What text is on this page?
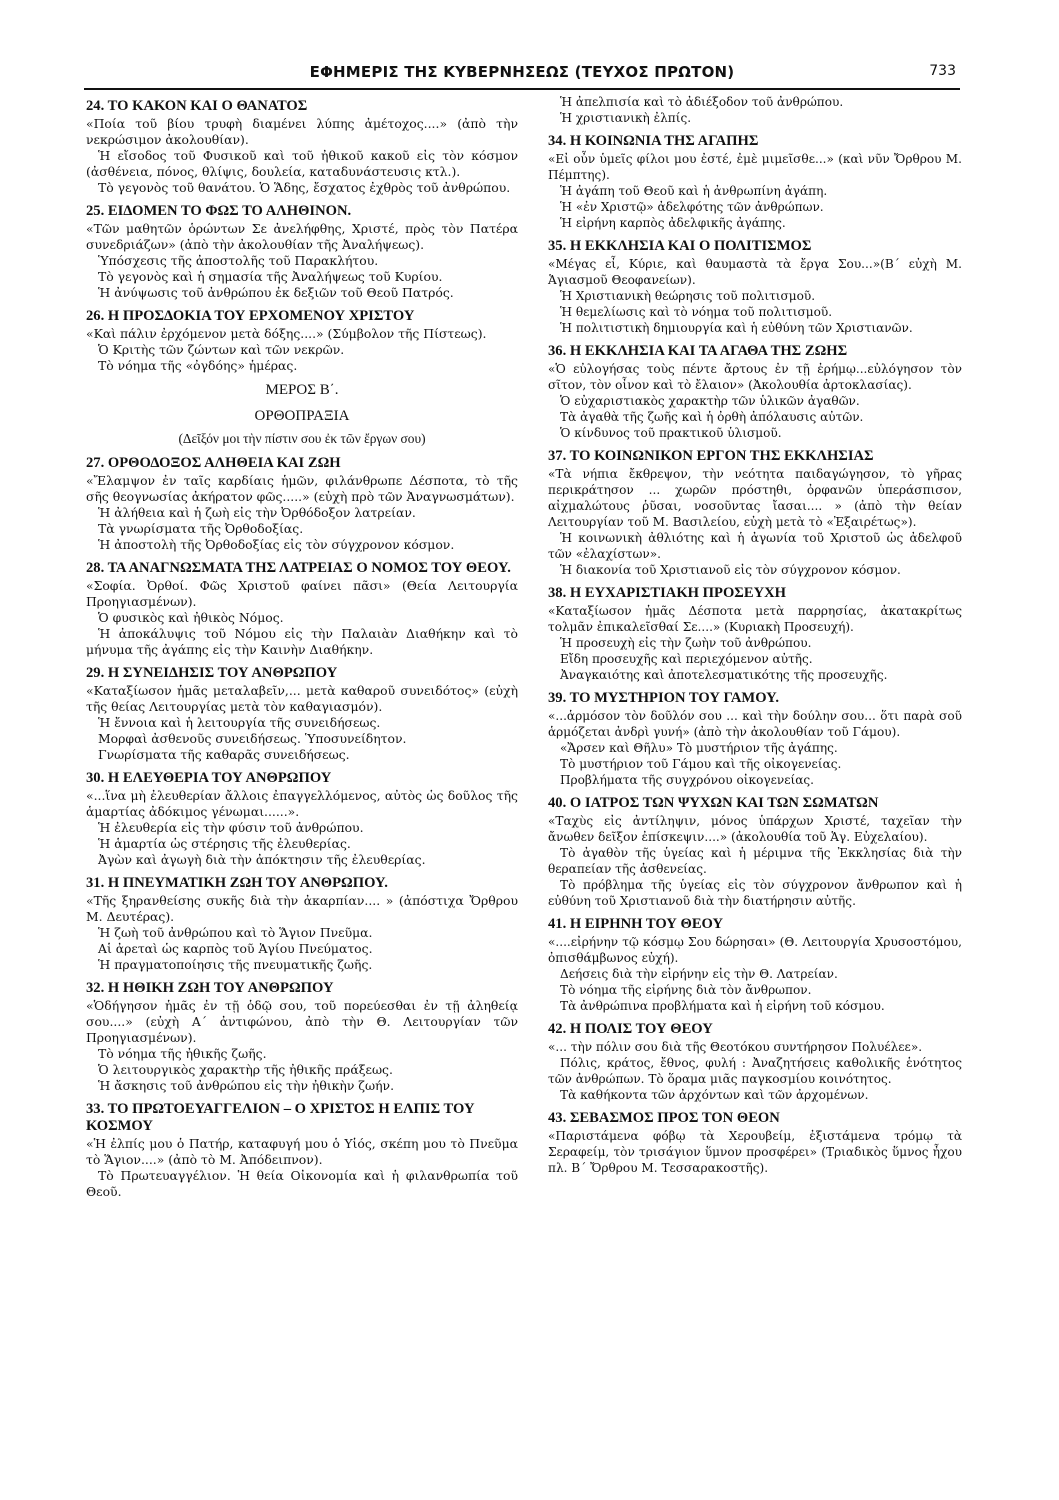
ΕΦΗΜΕΡΙΣ ΤΗΣ ΚΥΒΕΡΝΗΣΕΩΣ (ΤΕΥΧΟΣ ΠΡΩΤΟΝ)	733
24. ΤΟ ΚΑΚΟΝ ΚΑΙ Ο ΘΑΝΑΤΟΣ
«Ποία τοῦ βίου τρυφὴ διαμένει λύπης ἀμέτοχος....» (ἀπὸ τὴν νεκρώσιμον ἀκολουθίαν).
Ἡ εἴσοδος τοῦ Φυσικοῦ καὶ τοῦ ἠθικοῦ κακοῦ εἰς τὸν κόσμον (ἀσθένεια, πόνος, θλίψις, δουλεία, καταδυνάστευσις κτλ.).
Τὸ γεγονὸς τοῦ θανάτου. Ὁ Ἅδης, ἔσχατος ἐχθρὸς τοῦ ἀνθρώπου.
25. ΕΙΔΟΜΕΝ ΤΟ ΦΩΣ ΤΟ ΑΛΗΘΙΝΟΝ.
«Τῶν μαθητῶν ὁρώντων Σε ἀνελήφθης, Χριστέ, πρὸς τὸν Πατέρα συνεδριάζων» (ἀπὸ τὴν ἀκολουθίαν τῆς Ἀναλήψεως).
Ὑπόσχεσις τῆς ἀποστολῆς τοῦ Παρακλήτου.
Τὸ γεγονὸς καὶ ἡ σημασία τῆς Ἀναλήψεως τοῦ Κυρίου.
Ἡ ἀνύψωσις τοῦ ἀνθρώπου ἐκ δεξιῶν τοῦ Θεοῦ Πατρός.
26. Η ΠΡΟΣΔΟΚΙΑ ΤΟΥ ΕΡΧΟΜΕΝΟΥ ΧΡΙΣΤΟΥ
«Καὶ πάλιν ἐρχόμενον μετὰ δόξης....» (Σύμβολον τῆς Πίστεως).
Ὁ Κριτὴς τῶν ζώντων καὶ τῶν νεκρῶν.
Τὸ νόημα τῆς «ὀγδόης» ἡμέρας.
ΜΕΡΟΣ Β΄.
ΟΡΘΟΠΡΑΞΙΑ
(Δεῖξόν μοι τὴν πίστιν σου ἐκ τῶν ἔργων σου)
27. ΟΡΘΟΔΟΞΟΣ ΑΛΗΘΕΙΑ ΚΑΙ ΖΩΗ
«Ἔλαμψον ἐν ταῖς καρδίαις ἡμῶν, φιλάνθρωπε Δέσποτα, τὸ τῆς σῆς θεογνωσίας ἀκήρατον φῶς.....» (εὐχὴ πρὸ τῶν Ἀναγνωσμάτων).
Ἡ ἀλήθεια καὶ ἡ ζωὴ εἰς τὴν Ὀρθόδοξον λατρείαν.
Τὰ γνωρίσματα τῆς Ὀρθοδοξίας.
Ἡ ἀποστολὴ τῆς Ὀρθοδοξίας εἰς τὸν σύγχρονον κόσμον.
28. ΤΑ ΑΝΑΓΝΩΣΜΑΤΑ ΤΗΣ ΛΑΤΡΕΙΑΣ Ο ΝΟΜΟΣ ΤΟΥ ΘΕΟΥ.
«Σοφία. Ὀρθοί. Φῶς Χριστοῦ φαίνει πᾶσι» (Θεία Λειτουργία Προηγιασμένων).
Ὁ φυσικὸς καὶ ἠθικὸς Νόμος.
Ἡ ἀποκάλυψις τοῦ Νόμου εἰς τὴν Παλαιὰν Διαθήκην καὶ τὸ μήνυμα τῆς ἀγάπης εἰς τὴν Καινὴν Διαθήκην.
29. Η ΣΥΝΕΙΔΗΣΙΣ ΤΟΥ ΑΝΘΡΩΠΟΥ
«Καταξίωσον ἡμᾶς μεταλαβεῖν,... μετὰ καθαροῦ συνειδότος» (εὐχὴ τῆς θείας Λειτουργίας μετὰ τὸν καθαγιασμόν).
Ἡ ἔννοια καὶ ἡ λειτουργία τῆς συνειδήσεως.
Μορφαὶ ἀσθενοῦς συνειδήσεως. Ὑποσυνείδητον.
Γνωρίσματα τῆς καθαρᾶς συνειδήσεως.
30. Η ΕΛΕΥΘΕΡΙΑ ΤΟΥ ΑΝΘΡΩΠΟΥ
«...ἵνα μὴ ἐλευθερίαν ἄλλοις ἐπαγγελλόμενος, αὐτὸς ὡς δοῦλος τῆς ἁμαρτίας ἀδόκιμος γένωμαι......».
Ἡ ἐλευθερία εἰς τὴν φύσιν τοῦ ἀνθρώπου.
Ἡ ἁμαρτία ὡς στέρησις τῆς ἐλευθερίας.
Ἀγὼν καὶ ἀγωγὴ διὰ τὴν ἀπόκτησιν τῆς ἐλευθερίας.
31. Η ΠΝΕΥΜΑΤΙΚΗ ΖΩΗ ΤΟΥ ΑΝΘΡΩΠΟΥ.
«Τῆς ξηρανθείσης συκῆς διὰ τὴν ἀκαρπίαν.... » (ἀπόστιχα Ὄρθρου Μ. Δευτέρας).
Ἡ ζωὴ τοῦ ἀνθρώπου καὶ τὸ Ἅγιον Πνεῦμα.
Αἱ ἀρεταὶ ὡς καρπὸς τοῦ Ἁγίου Πνεύματος.
Ἡ πραγματοποίησις τῆς πνευματικῆς ζωῆς.
32. Η ΗΘΙΚΗ ΖΩΗ ΤΟΥ ΑΝΘΡΩΠΟΥ
«Ὁδήγησον ἡμᾶς ἐν τῇ ὁδῷ σου, τοῦ πορεύεσθαι ἐν τῇ ἀληθείᾳ σου....» (εὐχὴ Α΄ ἀντιφώνου, ἀπὸ τὴν Θ. Λειτουργίαν τῶν Προηγιασμένων).
Τὸ νόημα τῆς ἠθικῆς ζωῆς.
Ὁ λειτουργικὸς χαρακτὴρ τῆς ἠθικῆς πράξεως.
Ἡ ἄσκησις τοῦ ἀνθρώπου εἰς τὴν ἠθικὴν ζωήν.
33. ΤΟ ΠΡΩΤΟΕΥΑΓΓΕΛΙΟΝ – Ο ΧΡΙΣΤΟΣ Η ΕΛΠΙΣ ΤΟΥ ΚΟΣΜΟΥ
«Ἡ ἐλπίς μου ὁ Πατήρ, καταφυγή μου ὁ Υἱός, σκέπη μου τὸ Πνεῦμα τὸ Ἅγιον....» (ἀπὸ τὸ Μ. Ἀπόδειπνον).
Τὸ Πρωτευαγγέλιον. Ἡ θεία Οἰκονομία καὶ ἡ φιλανθρωπία τοῦ Θεοῦ.
Ἡ ἀπελπισία καὶ τὸ ἀδιέξοδον τοῦ ἀνθρώπου.
Ἡ χριστιανικὴ ἐλπίς.
34. Η ΚΟΙΝΩΝΙΑ ΤΗΣ ΑΓΑΠΗΣ
«Εἰ οὖν ὑμεῖς φίλοι μου ἐστέ, ἐμὲ μιμεῖσθε...» (καὶ νῦν Ὄρθρου Μ. Πέμπτης).
Ἡ ἀγάπη τοῦ Θεοῦ καὶ ἡ ἀνθρωπίνη ἀγάπη.
Ἡ «ἐν Χριστῷ» ἀδελφότης τῶν ἀνθρώπων.
Ἡ εἰρήνη καρπὸς ἀδελφικῆς ἀγάπης.
35. Η ΕΚΚΛΗΣΙΑ ΚΑΙ Ο ΠΟΛΙΤΙΣΜΟΣ
«Μέγας εἶ, Κύριε, καὶ θαυμαστὰ τὰ ἔργα Σου...»(Β΄ εὐχὴ Μ. Ἁγιασμοῦ Θεοφανείων).
Ἡ Χριστιανικὴ θεώρησις τοῦ πολιτισμοῦ.
Ἡ θεμελίωσις καὶ τὸ νόημα τοῦ πολιτισμοῦ.
Ἡ πολιτιστικὴ δημιουργία καὶ ἡ εὐθύνη τῶν Χριστιανῶν.
36. Η ΕΚΚΛΗΣΙΑ ΚΑΙ ΤΑ ΑΓΑΘΑ ΤΗΣ ΖΩΗΣ
«Ὁ εὐλογήσας τοὺς πέντε ἄρτους ἐν τῇ ἐρήμῳ...εὐλόγησον τὸν σῖτον, τὸν οἶνον καὶ τὸ ἔλαιον» (Ἀκολουθία ἀρτοκλασίας).
Ὁ εὐχαριστιακὸς χαρακτὴρ τῶν ὑλικῶν ἀγαθῶν.
Τὰ ἀγαθὰ τῆς ζωῆς καὶ ἡ ὀρθὴ ἀπόλαυσις αὐτῶν.
Ὁ κίνδυνος τοῦ πρακτικοῦ ὑλισμοῦ.
37. ΤΟ ΚΟΙΝΩΝΙΚΟΝ ΕΡΓΟΝ ΤΗΣ ΕΚΚΛΗΣΙΑΣ
«Τὰ νήπια ἔκθρεψον, τὴν νεότητα παιδαγώγησον, τὸ γῆρας περικράτησον ... χωρῶν πρόστηθι, ὀρφανῶν ὑπεράσπισον, αἰχμαλώτους ῥῦσαι, νοσοῦντας ἴασαι.... » (ἀπὸ τὴν θείαν Λειτουργίαν τοῦ Μ. Βασιλείου, εὐχὴ μετὰ τὸ «Ἐξαιρέτως»).
Ἡ κοινωνικὴ ἀθλιότης καὶ ἡ ἀγωνία τοῦ Χριστοῦ ὡς ἀδελφοῦ τῶν «ἐλαχίστων».
Ἡ διακονία τοῦ Χριστιανοῦ εἰς τὸν σύγχρονον κόσμον.
38. Η ΕΥΧΑΡΙΣΤΙΑΚΗ ΠΡΟΣΕΥΧΗ
«Καταξίωσον ἡμᾶς Δέσποτα μετὰ παρρησίας, ἀκατακρίτως τολμᾶν ἐπικαλεῖσθαί Σε....» (Κυριακὴ Προσευχή).
Ἡ προσευχὴ εἰς τὴν ζωὴν τοῦ ἀνθρώπου.
Εἴδη προσευχῆς καὶ περιεχόμενον αὐτῆς.
Ἀναγκαιότης καὶ ἀποτελεσματικότης τῆς προσευχῆς.
39. ΤΟ ΜΥΣΤΗΡΙΟΝ ΤΟΥ ΓΑΜΟΥ.
«...ἁρμόσον τὸν δοῦλόν σου ... καὶ τὴν δούλην σου... ὅτι παρὰ σοῦ ἁρμόζεται ἀνδρὶ γυνή» (ἀπὸ τὴν ἀκολουθίαν τοῦ Γάμου).
«Ἄρσεν καὶ Θῆλυ» Τὸ μυστήριον τῆς ἀγάπης.
Τὸ μυστήριον τοῦ Γάμου καὶ τῆς οἰκογενείας.
Προβλήματα τῆς συγχρόνου οἰκογενείας.
40. Ο ΙΑΤΡΟΣ ΤΩΝ ΨΥΧΩΝ ΚΑΙ ΤΩΝ ΣΩΜΑΤΩΝ
«Ταχὺς εἰς ἀντίληψιν, μόνος ὑπάρχων Χριστέ, ταχεῖαν τὴν ἄνωθεν δεῖξον ἐπίσκεψιν....» (ἀκολουθία τοῦ Ἁγ. Εὐχελαίου).
Τὸ ἀγαθὸν τῆς ὑγείας καὶ ἡ μέριμνα τῆς Ἐκκλησίας διὰ τὴν θεραπείαν τῆς ἀσθενείας.
Τὸ πρόβλημα τῆς ὑγείας εἰς τὸν σύγχρονον ἄνθρωπον καὶ ἡ εὐθύνη τοῦ Χριστιανοῦ διὰ τὴν διατήρησιν αὐτῆς.
41. Η ΕΙΡΗΝΗ ΤΟΥ ΘΕΟΥ
«....εἰρήνην τῷ κόσμῳ Σου δώρησαι» (Θ. Λειτουργία Χρυσοστόμου, ὀπισθάμβωνος εὐχή).
Δεήσεις διὰ τὴν εἰρήνην εἰς τὴν Θ. Λατρείαν.
Τὸ νόημα τῆς εἰρήνης διὰ τὸν ἄνθρωπον.
Τὰ ἀνθρώπινα προβλήματα καὶ ἡ εἰρήνη τοῦ κόσμου.
42. Η ΠΟΛΙΣ ΤΟΥ ΘΕΟΥ
«... τὴν πόλιν σου διὰ τῆς Θεοτόκου συντήρησον Πολυέλεε».
Πόλις, κράτος, ἔθνος, φυλή : Ἀναζητήσεις καθολικῆς ἑνότητος τῶν ἀνθρώπων. Τὸ ὅραμα μιᾶς παγκοσμίου κοινότητος.
Τὰ καθήκοντα τῶν ἀρχόντων καὶ τῶν ἀρχομένων.
43. ΣΕΒΑΣΜΟΣ ΠΡΟΣ ΤΟΝ ΘΕΟΝ
«Παριστάμενα φόβῳ τὰ Χερουβείμ, ἐξιστάμενα τρόμῳ τὰ Σεραφείμ, τὸν τρισάγιον ὕμνον προσφέρει» (Τριαδικὸς ὕμνος ἦχου πλ. Β΄ Ὄρθρου Μ. Τεσσαρακοστῆς).
